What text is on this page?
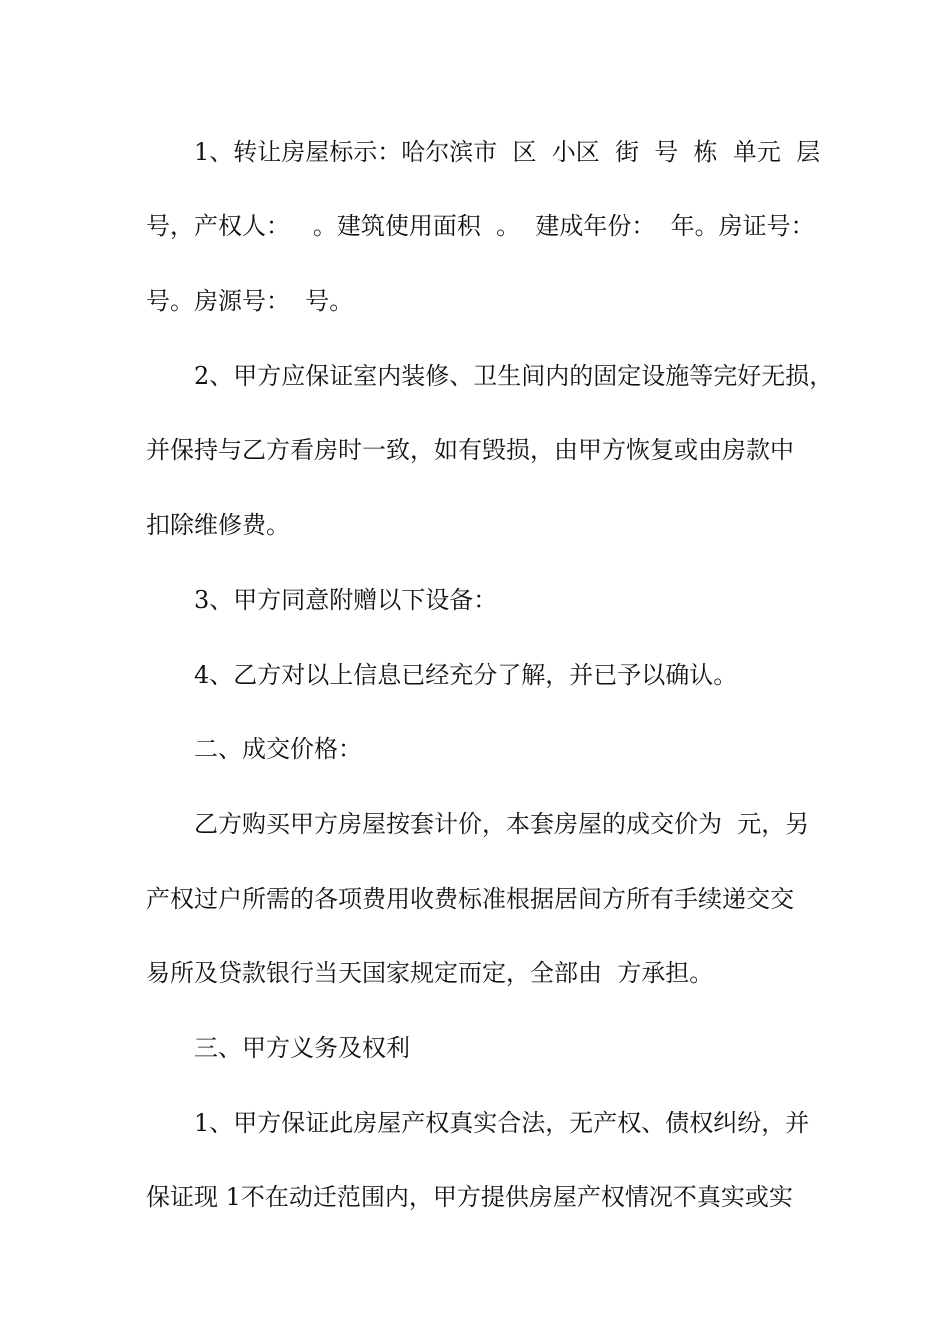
1、转让房屋标示：哈尔滨市  区  小区  街  号  栋  单元  层
号，产权人：   。建筑使用面积  。  建成年份：  年。房证号：
号。房源号：  号。
2、甲方应保证室内装修、卫生间内的固定设施等完好无损，
并保持与乙方看房时一致，如有毁损，由甲方恢复或由房款中
扣除维修费。
3、甲方同意附赠以下设备：
4、乙方对以上信息已经充分了解，并已予以确认。
二、成交价格：
乙方购买甲方房屋按套计价，本套房屋的成交价为  元，另
产权过户所需的各项费用收费标准根据居间方所有手续递交交
易所及贷款银行当天国家规定而定，全部由  方承担。
三、甲方义务及权利
1、甲方保证此房屋产权真实合法，无产权、债权纠纷，并
保证现 1不在动迁范围内，甲方提供房屋产权情况不真实或实
